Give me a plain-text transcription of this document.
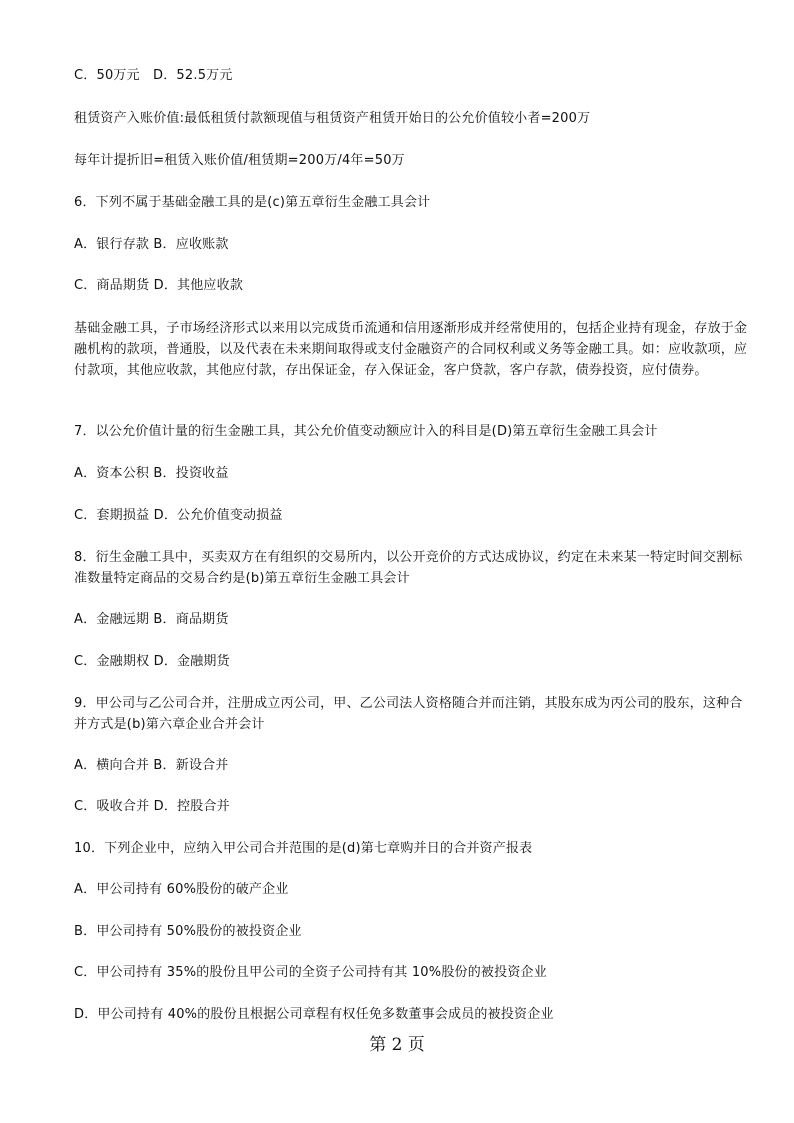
C．50万元　D．52.5万元
租赁资产入账价值:最低租赁付款额现值与租赁资产租赁开始日的公允价值较小者=200万
每年计提折旧=租赁入账价值/租赁期=200万/4年=50万
6．下列不属于基础金融工具的是(c)第五章衍生金融工具会计
A．银行存款 B．应收账款
C．商品期货 D．其他应收款
基础金融工具，子市场经济形式以来用以完成货币流通和信用逐渐形成并经常使用的，包括企业持有现金，存放于金融机构的款项，普通股，以及代表在未来期间取得或支付金融资产的合同权利或义务等金融工具。如：应收款项，应付款项，其他应收款，其他应付款，存出保证金，存入保证金，客户贷款，客户存款，债券投资，应付债券。
7．以公允价值计量的衍生金融工具，其公允价值变动额应计入的科目是(D)第五章衍生金融工具会计
A．资本公积 B．投资收益
C．套期损益 D．公允价值变动损益
8．衍生金融工具中，买卖双方在有组织的交易所内，以公开竞价的方式达成协议，约定在未来某一特定时间交割标准数量特定商品的交易合约是(b)第五章衍生金融工具会计
A．金融远期 B．商品期货
C．金融期权 D．金融期货
9．甲公司与乙公司合并，注册成立丙公司，甲、乙公司法人资格随合并而注销，其股东成为丙公司的股东，这种合并方式是(b)第六章企业合并会计
A．横向合并 B．新设合并
C．吸收合并 D．控股合并
10．下列企业中，应纳入甲公司合并范围的是(d)第七章购并日的合并资产报表
A．甲公司持有 60%股份的破产企业
B．甲公司持有 50%股份的被投资企业
C．甲公司持有 35%的股份且甲公司的全资子公司持有其 10%股份的被投资企业
D．甲公司持有 40%的股份且根据公司章程有权任免多数董事会成员的被投资企业
第 2 页
